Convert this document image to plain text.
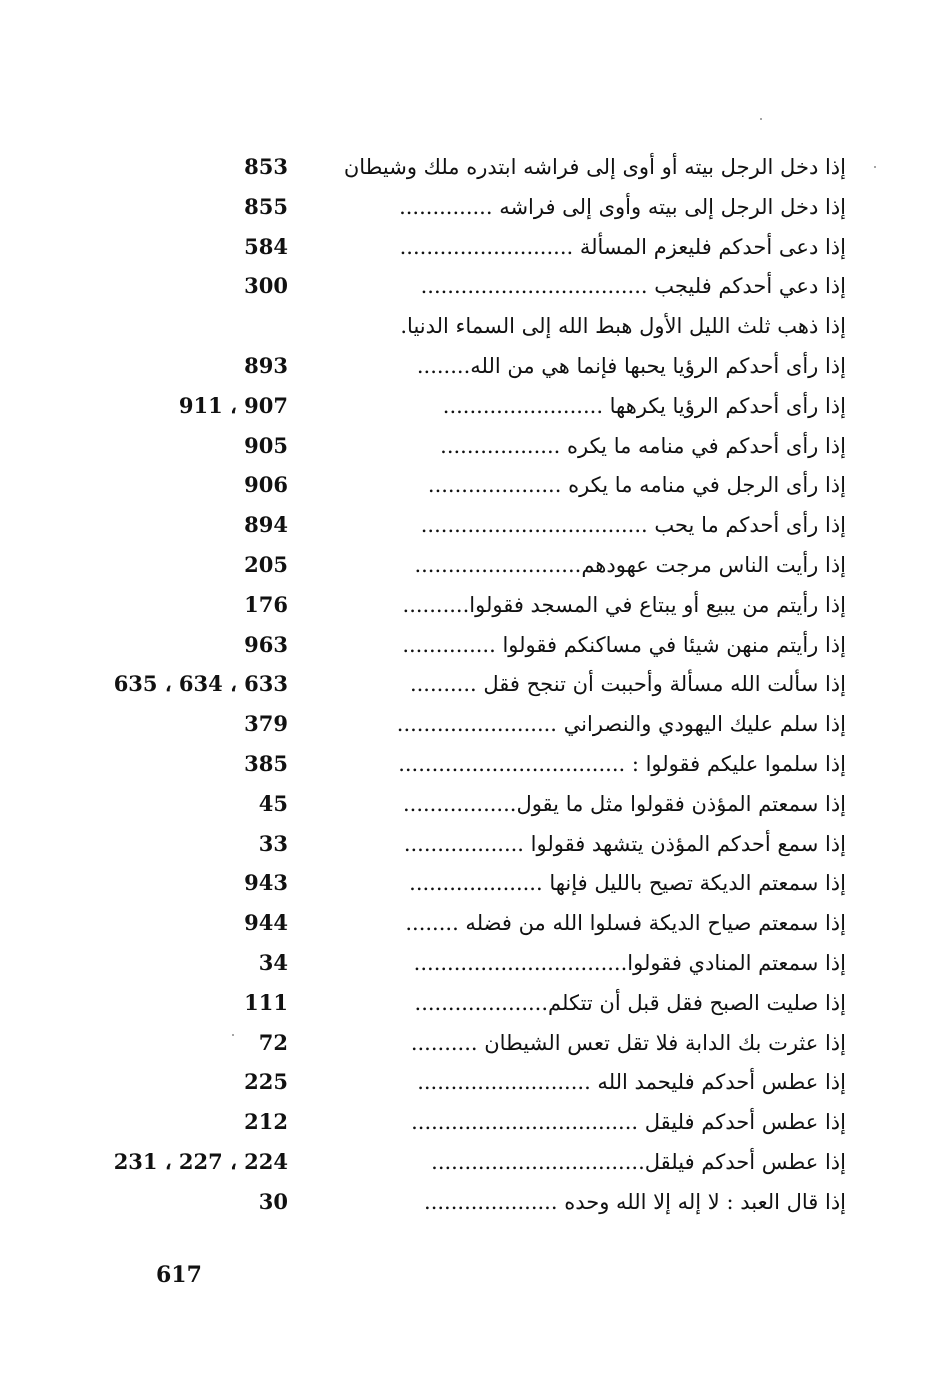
إذا دخل الرجل بيته أو أوى إلى فراشه ابتدره ملك وشيطان
853
إذا دخل الرجل إلى بيته وأوى إلى فراشه ..............
855
إذا دعى أحدكم فليعزم المسألة ..........................
584
إذا دعي أحدكم فليجب ..................................
300
إذا ذهب ثلث الليل الأول هبط الله إلى السماء الدنيا.
إذا رأى أحدكم الرؤيا يحبها فإنما هي من الله........
893
إذا رأى أحدكم الرؤيا يكرهها ........................
911 ، 907
إذا رأى أحدكم في منامه ما يكره ..................
905
إذا رأى الرجل في منامه ما يكره ....................
906
إذا رأى أحدكم ما يحب ..................................
894
إذا رأيت الناس مرجت عهودهم.........................
205
إذا رأيتم من يبيع أو يبتاع في المسجد فقولوا..........
176
إذا رأيتم منهن شيئا في مساكنكم فقولوا ..............
963
إذا سألت الله مسألة وأحببت أن تنجح فقل ..........
635 ، 634 ، 633
إذا سلم عليك اليهودي والنصراني ........................
379
إذا سلموا عليكم فقولوا : ..................................
385
إذا سمعتم المؤذن فقولوا مثل ما يقول.................
45
إذا سمع أحدكم المؤذن يتشهد فقولوا ..................
33
إذا سمعتم الديكة تصيح بالليل فإنها ....................
943
إذا سمعتم صياح الديكة فسلوا الله من فضله ........
944
إذا سمعتم المنادي فقولوا................................
34
إذا صليت الصبح فقل قبل أن تتكلم....................
111
إذا عثرت بك الدابة فلا تقل تعس الشيطان ..........
72
إذا عطس أحدكم فليحمد الله ..........................
225
إذا عطس أحدكم فليقل ..................................
212
إذا عطس أحدكم فيلقل................................
231 ، 227 ، 224
إذا قال العبد : لا إله إلا الله وحده ....................
30
617
